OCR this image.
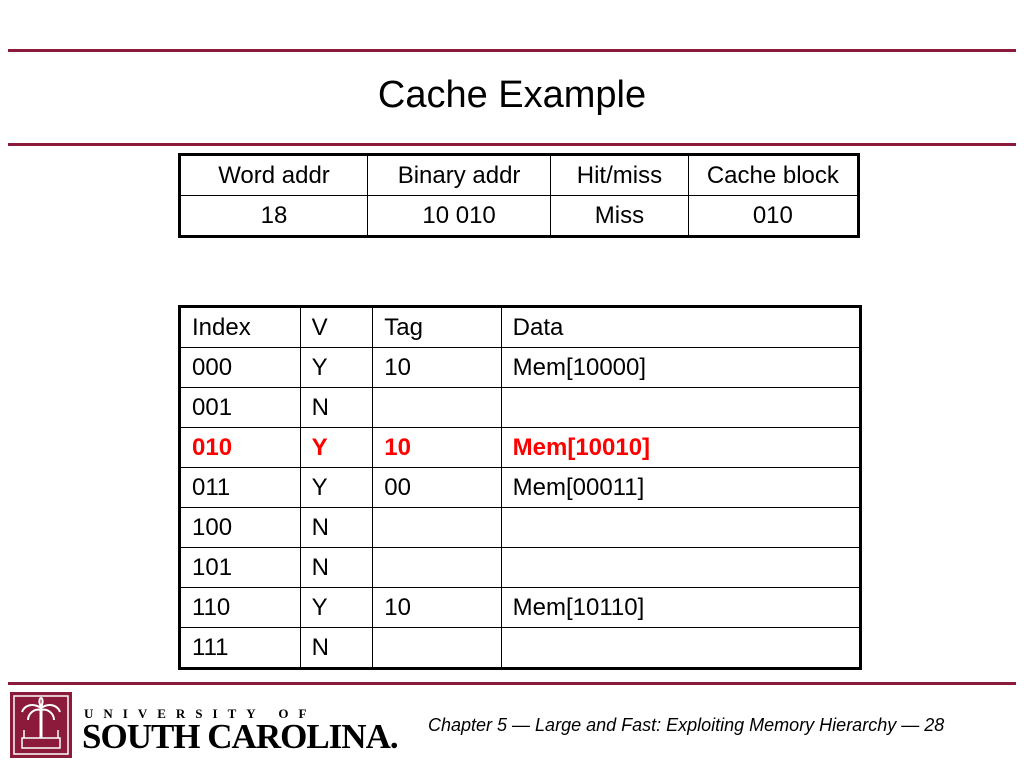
Cache Example
Word addr	Binary addr	Hit/miss	Cache block
18	10 010	Miss	010
Index	V	Tag	Data
000	Y	10	Mem[10000]
001	N		
010	Y	10	Mem[10010]
011	Y	00	Mem[00011]
100	N		
101	N		
110	Y	10	Mem[10110]
111	N		
UNIVERSITY OF
SOUTH CAROLINA. Chapter 5 — Large and Fast: Exploiting Memory Hierarchy — 28
